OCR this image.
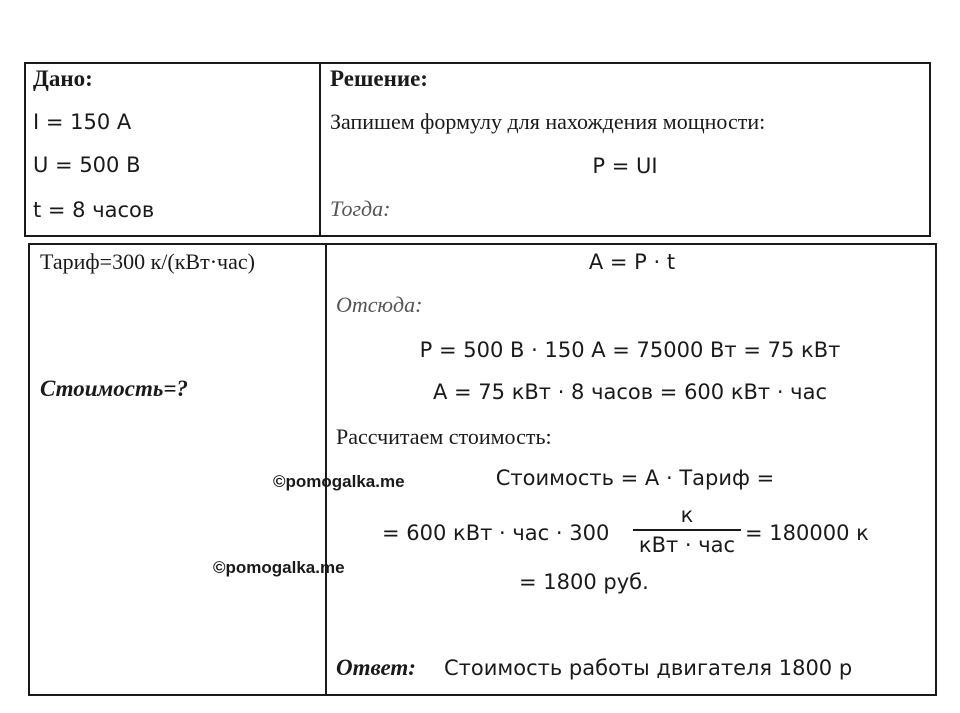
Дано:
I = 150 A
U = 500 B
t = 8 часов
Тариф=300 к/(кВт·час)
Стоимость=?
Решение:
Запишем формулу для нахождения мощности:
P = UI
Тогда:
A = P · t
Отсюда:
P = 500 B · 150 A = 75000 Bт = 75 кВт
A = 75 кВт · 8 часов = 600 кВт · час
Рассчитаем стоимость:
Стоимость = A · Тариф =
= 600 кВт · час · 300
к
кВт · час = 180000 к
= 1800 руб.
Ответ: Стоимость работы двигателя 1800 р
©pomogalka.me
©pomogalka.me
